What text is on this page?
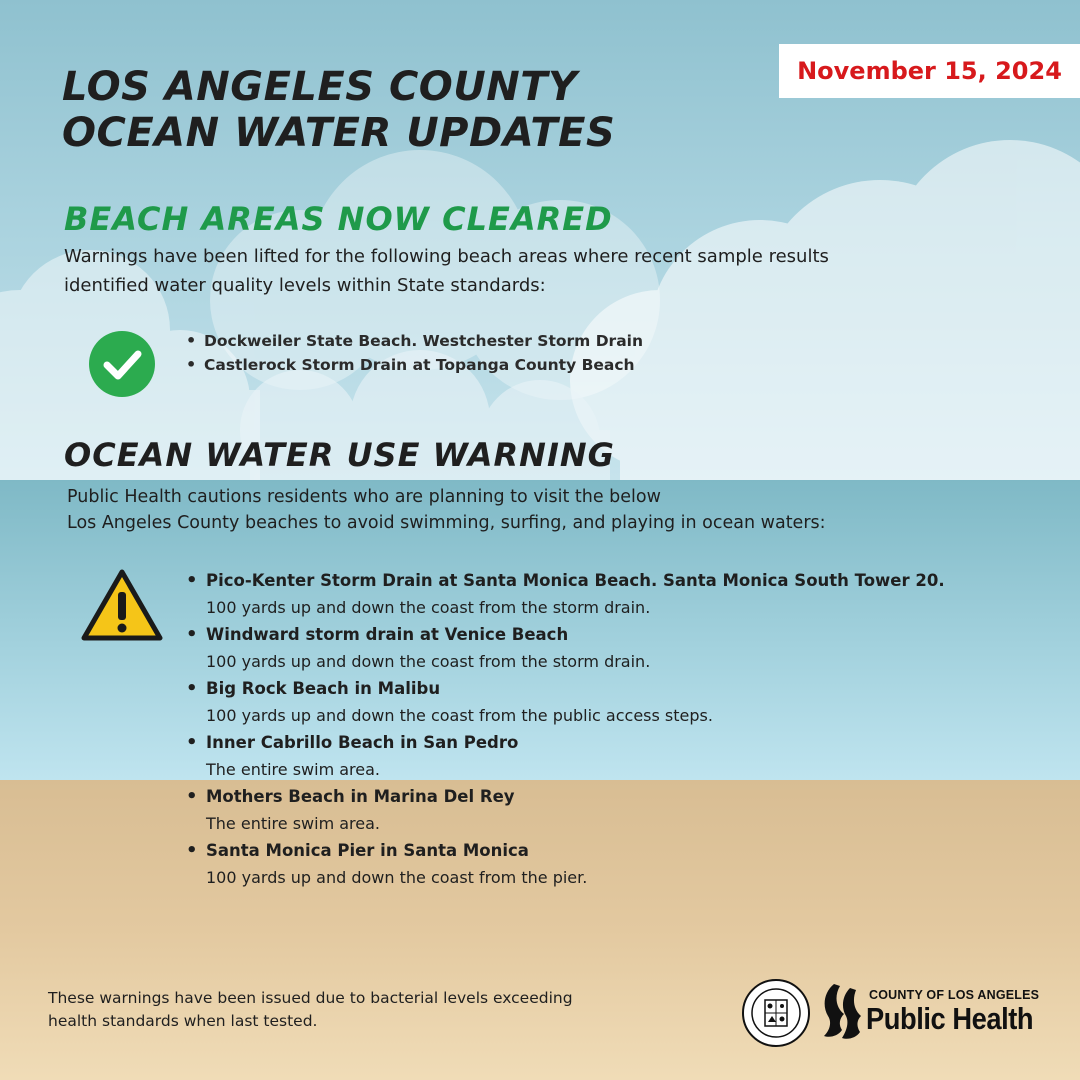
LOS ANGELES COUNTY
OCEAN WATER UPDATES
November 15, 2024
BEACH AREAS NOW CLEARED

Warnings have been lifted for the following beach areas where recent sample results
identified water quality levels within State standards:

• Dockweiler State Beach. Westchester Storm Drain
• Castlerock Storm Drain at Topanga County Beach
OCEAN WATER USE WARNING

Public Health cautions residents who are planning to visit the below
Los Angeles County beaches to avoid swimming, surfing, and playing in ocean waters:

• Pico-Kenter Storm Drain at Santa Monica Beach. Santa Monica South Tower 20.
100 yards up and down the coast from the storm drain.
• Windward storm drain at Venice Beach
100 yards up and down the coast from the storm drain.
• Big Rock Beach in Malibu
100 yards up and down the coast from the public access steps.
• Inner Cabrillo Beach in San Pedro
The entire swim area.
• Mothers Beach in Marina Del Rey
The entire swim area.
• Santa Monica Pier in Santa Monica
100 yards up and down the coast from the pier.

These warnings have been issued due to bacterial levels exceeding
health standards when last tested.

COUNTY OF LOS ANGELES

Public Health
